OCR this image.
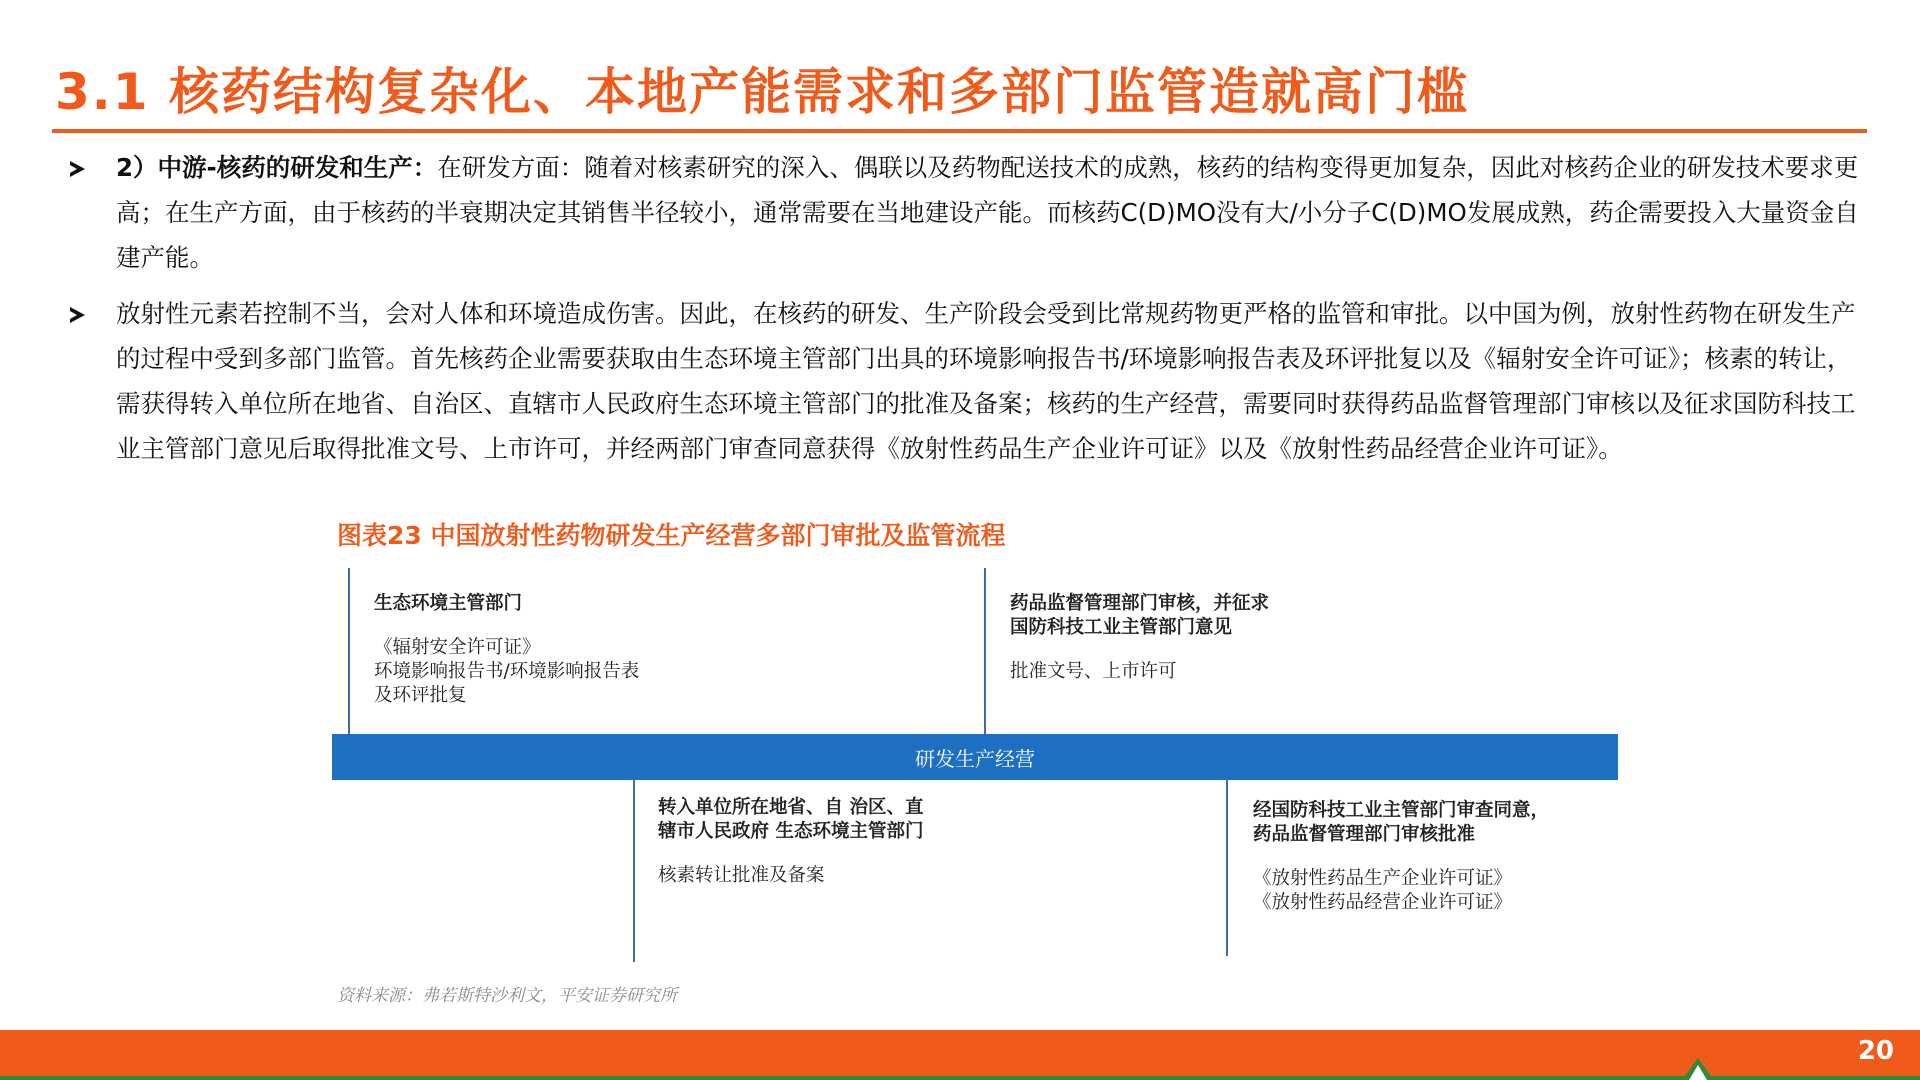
3.1 核药结构复杂化、本地产能需求和多部门监管造就高门槛
2）中游-核药的研发和生产：在研发方面：随着对核素研究的深入、偶联以及药物配送技术的成熟，核药的结构变得更加复杂，因此对核药企业的研发技术要求更高；在生产方面，由于核药的半衰期决定其销售半径较小，通常需要在当地建设产能。而核药C(D)MO没有大/小分子C(D)MO发展成熟，药企需要投入大量资金自建产能。
放射性元素若控制不当，会对人体和环境造成伤害。因此，在核药的研发、生产阶段会受到比常规药物更严格的监管和审批。以中国为例，放射性药物在研发生产的过程中受到多部门监管。首先核药企业需要获取由生态环境主管部门出具的环境影响报告书/环境影响报告表及环评批复以及《辐射安全许可证》；核素的转让，需获得转入单位所在地省、自治区、直辖市人民政府生态环境主管部门的批准及备案；核药的生产经营，需要同时获得药品监督管理部门审核以及征求国防科技工业主管部门意见后取得批准文号、上市许可，并经两部门审查同意获得《放射性药品生产企业许可证》以及《放射性药品经营企业许可证》。
图表23 中国放射性药物研发生产经营多部门审批及监管流程
研发生产经营
生态环境主管部门
《辐射安全许可证》
环境影响报告书/环境影响报告表
及环评批复
药品监督管理部门审核，并征求
国防科技工业主管部门意见
批准文号、上市许可
转入单位所在地省、自 治区、直
辖市人民政府 生态环境主管部门
核素转让批准及备案
经国防科技工业主管部门审查同意，
药品监督管理部门审核批准
《放射性药品生产企业许可证》
《放射性药品经营企业许可证》
资料来源：弗若斯特沙利文，平安证券研究所
20
